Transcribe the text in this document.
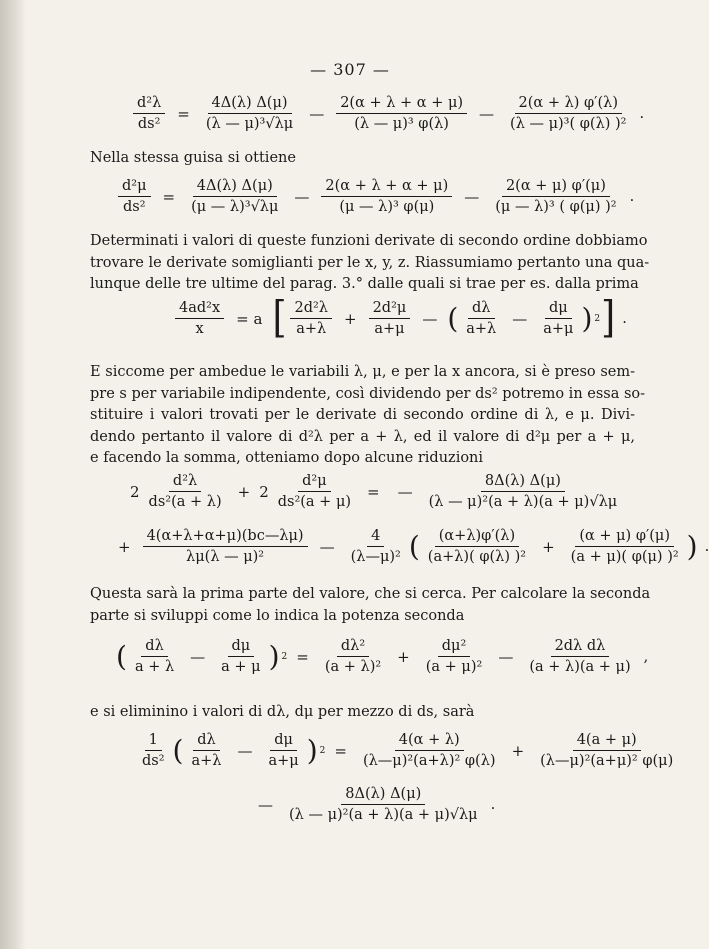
— 307 —
$\frac{\text{d²λ}}{\text{ds²}} = \frac{4\Delta(\lambda) \Delta(\mu)}{\text{(λ — μ)³√λμ}}$ — $\frac{2(\alpha + \lambda + \alpha + \mu)}{\text{(λ — μ)³ φ(λ)}}$ — $\frac{2(\alpha + \lambda) \varphi'(\lambda)}{\text{(λ — μ)³( φ(λ) )²}}$ .
Nella stessa guisa si ottiene
$\frac{\text{d²μ}}{\text{ds²}} = \frac{4\Delta(\lambda) \Delta(\mu)}{\text{(μ — λ)³√λμ}}$ — $\frac{2(\alpha + \lambda + \alpha + \mu)}{\text{(μ — λ)³ φ(μ)}}$ — $\frac{2(\alpha + \mu) \varphi'(\mu)}{\text{(μ — λ)³ ( φ(μ) )²}}$ .
Determinati i valori di queste funzioni derivate di secondo ordine dobbiamo
trovare le derivate somiglianti per le x, y, z. Riassumiamo pertanto una qua-
lunque delle tre ultime del parag. 3.° dalle quali si trae per es. dalla prima
$\frac{\text{4ad²x}}{x} = a$ [ $\frac{\text{2d²λ}}{a+\lambda} + \frac{\text{2d²μ}}{a+\mu}$ — ( $\frac{d\lambda}{a+\lambda}$ — $\frac{d\mu}{a+\mu}$ ) 2 ] .
E siccome per ambedue le variabili λ, μ, e per la x ancora, si è preso sem-
pre s per variabile indipendente, così dividendo per ds² potremo in essa so-
stituire i valori trovati per le derivate di secondo ordine di λ, e μ. Divi-
dendo pertanto il valore di d²λ per a + λ, ed il valore di d²μ per a + μ,
e facendo la somma, otteniamo dopo alcune riduzioni
$2 \frac{\text{d²λ}}{\text{ds²(a + λ)}} + 2 \frac{\text{d²μ}}{\text{ds²(a + μ)}}$ = — $\frac{8\Delta(\lambda) \Delta(\mu)}{\text{(λ — μ)²(a + λ)(a + μ)√λμ}}$
+ $\frac{4(\alpha+\lambda+\alpha+\mu)(bc—\lambda\mu)}{\text{λμ(λ — μ)²}}$ — $\frac{4}{\text{(λ—μ)²}}$ ( $\frac{(\alpha+\lambda)\varphi'(\lambda)}{\text{(a+λ)( φ(λ) )²}} + \frac{(\alpha + \mu) \varphi'(\mu)}{\text{(a + μ)( φ(μ) )²}}$ ) .
Questa sarà la prima parte del valore, che si cerca. Per calcolare la seconda
parte si sviluppi come lo indica la potenza seconda
( $\frac{d\lambda}{a + \lambda}$ — $\frac{d\mu}{a + \mu}$ ) $2 = \frac{\text{dλ²}}{\text{(a + λ)²}} + \frac{\text{dμ²}}{\text{(a + μ)²}}$ — $\frac{\text{2dλ dλ}}{(a + \lambda)(a + \mu)}$ ,
e si eliminino i valori di dλ, dμ per mezzo di ds, sarà
$\frac{1}{\text{ds²}}$ ( $\frac{d\lambda}{a+\lambda}$ — $\frac{d\mu}{a+\mu}$ ) $2 = \frac{4(\alpha + \lambda)}{\text{(λ—μ)²(a+λ)² φ(λ)}} + \frac{4(a + \mu)}{\text{(λ—μ)²(a+μ)² φ(μ)}}$
— $\frac{8\Delta(\lambda) \Delta(\mu)}{\text{(λ — μ)²(a + λ)(a + μ)√λμ}}$ .
